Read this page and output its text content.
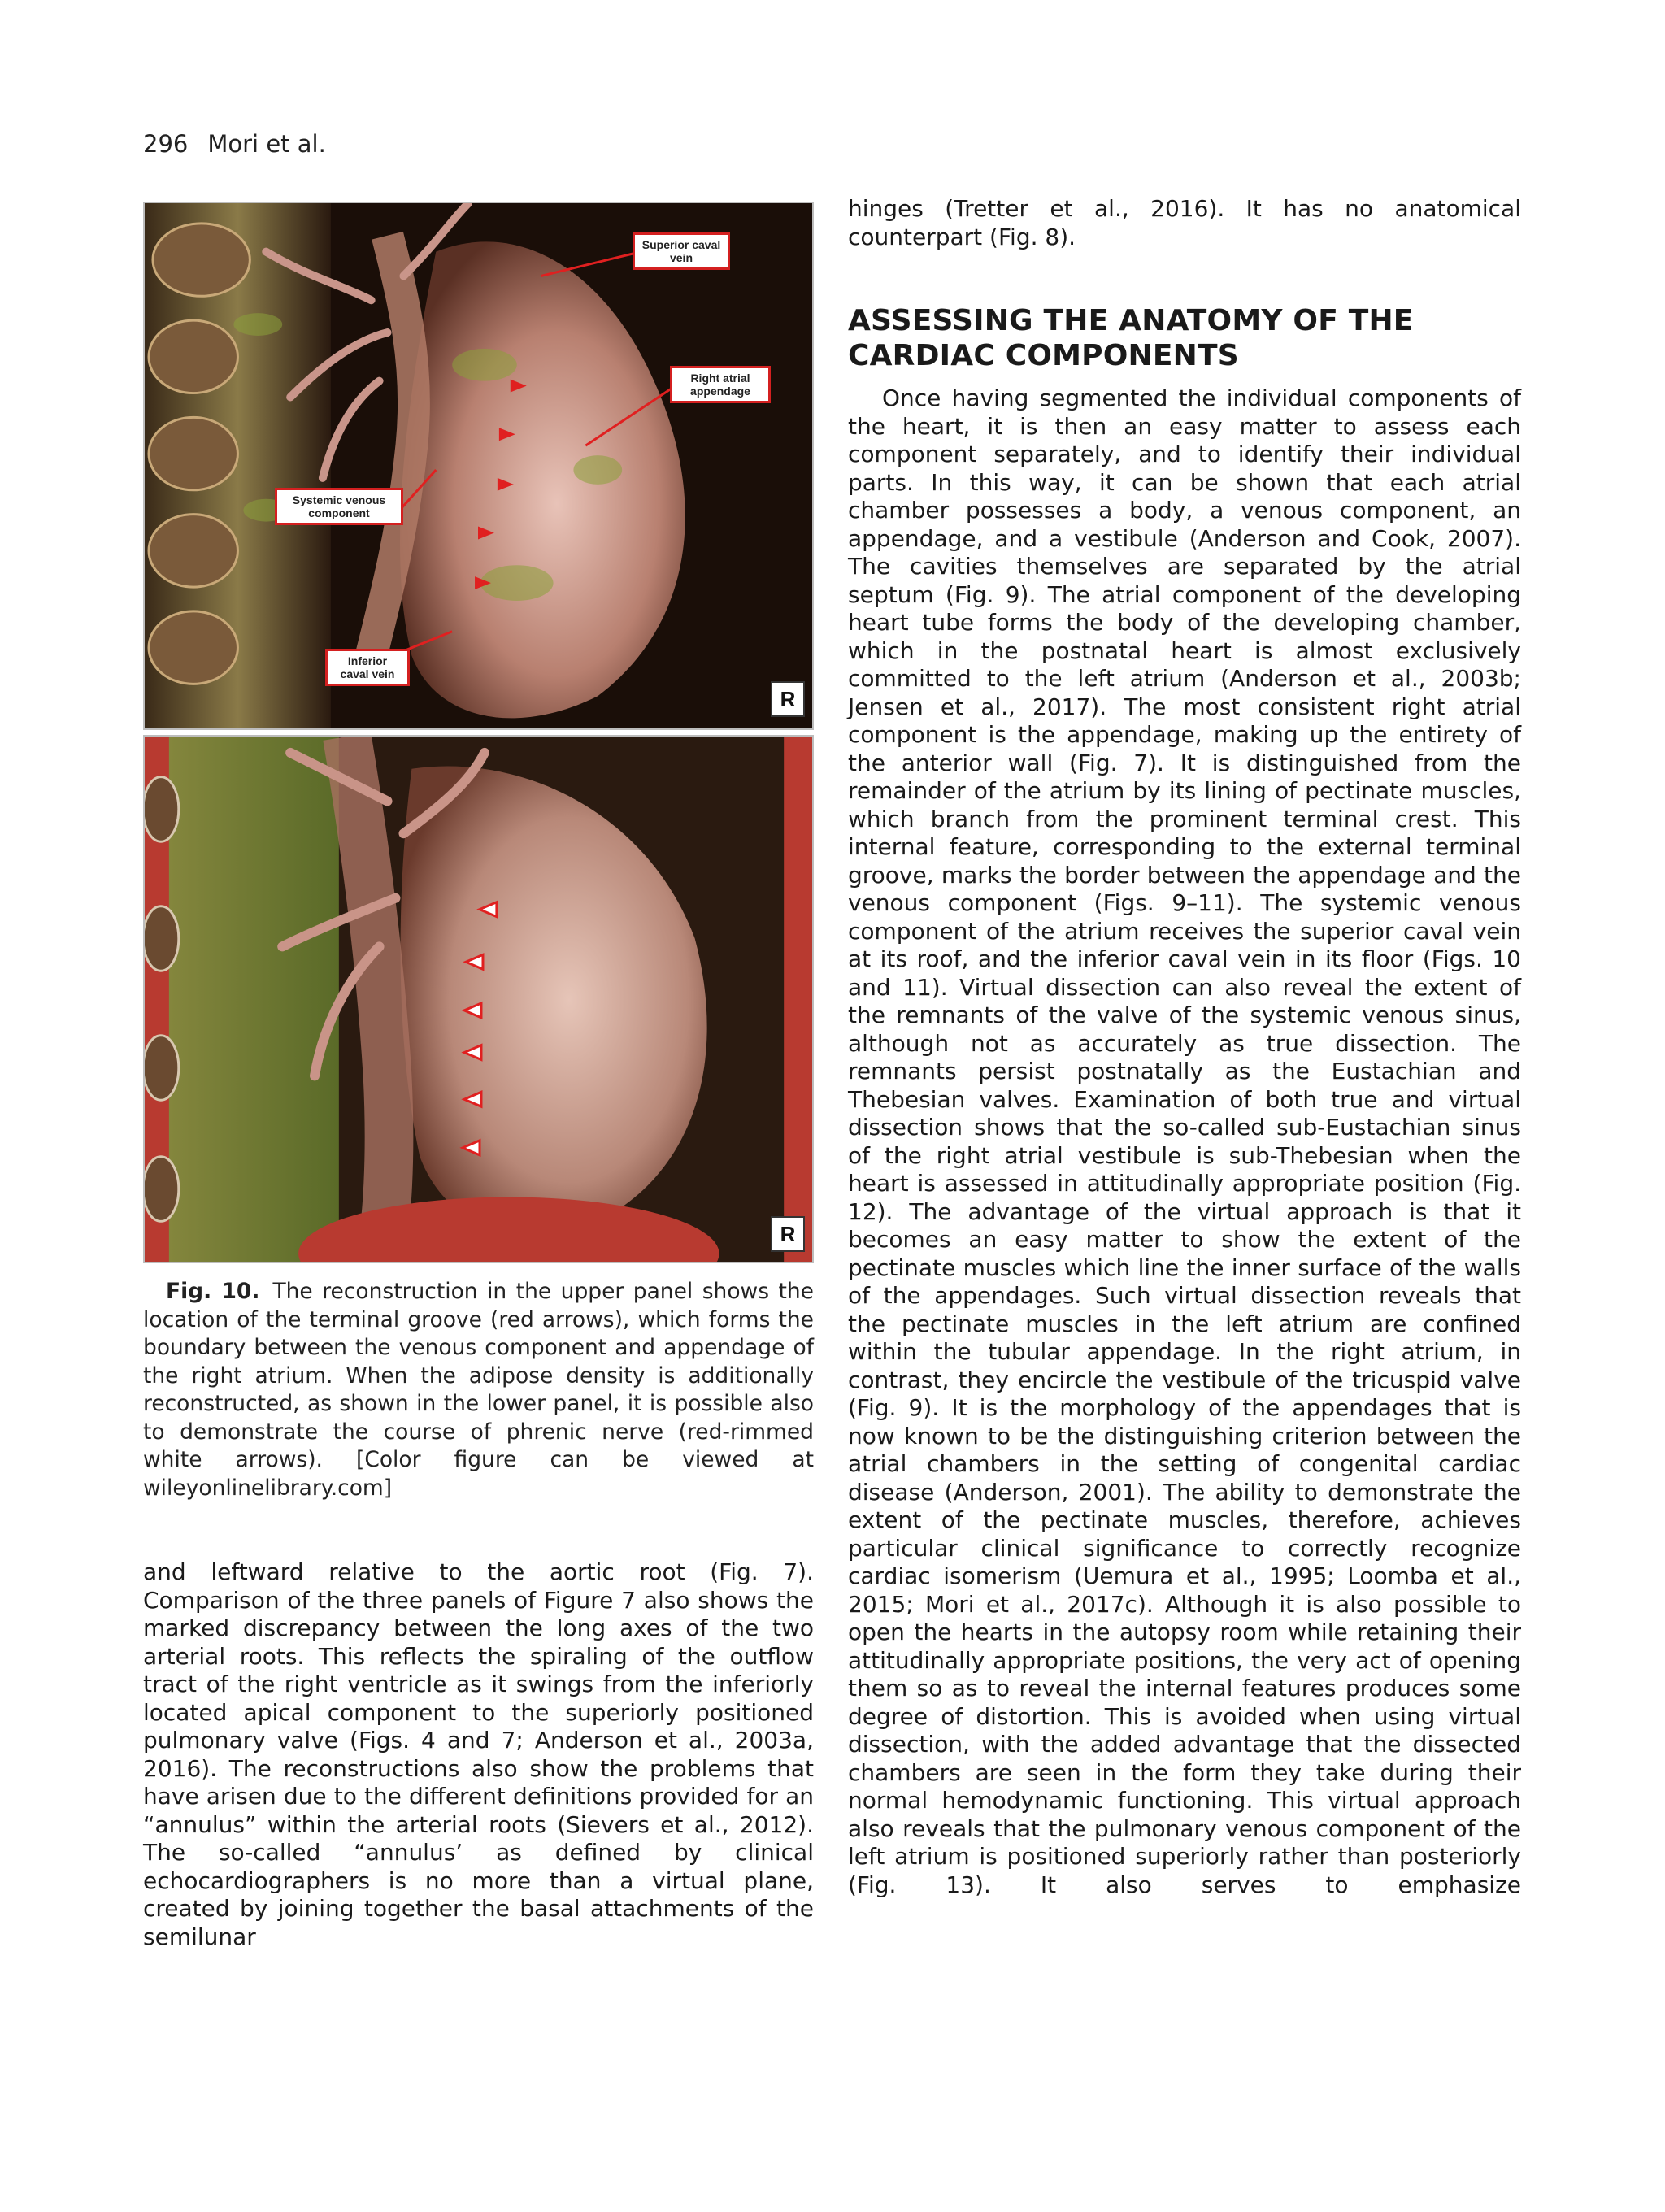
296 Mori et al.
Superior caval vein
Right atrial appendage
Systemic venous component
Inferior caval vein
R
R
Fig. 10. The reconstruction in the upper panel shows the location of the terminal groove (red arrows), which forms the boundary between the venous component and appendage of the right atrium. When the adipose density is additionally reconstructed, as shown in the lower panel, it is possible also to demonstrate the course of phrenic nerve (red-rimmed white arrows). [Color figure can be viewed at wileyonlinelibrary.com]

and leftward relative to the aortic root (Fig. 7). Comparison of the three panels of Figure 7 also shows the marked discrepancy between the long axes of the two arterial roots. This reflects the spiraling of the outflow tract of the right ventricle as it swings from the inferiorly located apical component to the superiorly positioned pulmonary valve (Figs. 4 and 7; Anderson et al., 2003a, 2016). The reconstructions also show the problems that have arisen due to the different definitions provided for an “annulus” within the arterial roots (Sievers et al., 2012). The so-called “annulus’ as defined by clinical echocardiographers is no more than a virtual plane, created by joining together the basal attachments of the semilunar

hinges (Tretter et al., 2016). It has no anatomical counterpart (Fig. 8).

ASSESSING THE ANATOMY OF THE
CARDIAC COMPONENTS

Once having segmented the individual components of the heart, it is then an easy matter to assess each component separately, and to identify their individual parts. In this way, it can be shown that each atrial chamber possesses a body, a venous component, an appendage, and a vestibule (Anderson and Cook, 2007). The cavities themselves are separated by the atrial septum (Fig. 9). The atrial component of the developing heart tube forms the body of the developing chamber, which in the postnatal heart is almost exclusively committed to the left atrium (Anderson et al., 2003b; Jensen et al., 2017). The most consistent right atrial component is the appendage, making up the entirety of the anterior wall (Fig. 7). It is distinguished from the remainder of the atrium by its lining of pectinate muscles, which branch from the prominent terminal crest. This internal feature, corresponding to the external terminal groove, marks the border between the appendage and the venous component (Figs. 9–11). The systemic venous component of the atrium receives the superior caval vein at its roof, and the inferior caval vein in its floor (Figs. 10 and 11). Virtual dissection can also reveal the extent of the remnants of the valve of the systemic venous sinus, although not as accurately as true dissection. The remnants persist postnatally as the Eustachian and Thebesian valves. Examination of both true and virtual dissection shows that the so-called sub-Eustachian sinus of the right atrial vestibule is sub-Thebesian when the heart is assessed in attitudinally appropriate position (Fig. 12). The advantage of the virtual approach is that it becomes an easy matter to show the extent of the pectinate muscles which line the inner surface of the walls of the appendages. Such virtual dissection reveals that the pectinate muscles in the left atrium are confined within the tubular appendage. In the right atrium, in contrast, they encircle the vestibule of the tricuspid valve (Fig. 9). It is the morphology of the appendages that is now known to be the distinguishing criterion between the atrial chambers in the setting of congenital cardiac disease (Anderson, 2001). The ability to demonstrate the extent of the pectinate muscles, therefore, achieves particular clinical significance to correctly recognize cardiac isomerism (Uemura et al., 1995; Loomba et al., 2015; Mori et al., 2017c). Although it is also possible to open the hearts in the autopsy room while retaining their attitudinally appropriate positions, the very act of opening them so as to reveal the internal features produces some degree of distortion. This is avoided when using virtual dissection, with the added advantage that the dissected chambers are seen in the form they take during their normal hemodynamic functioning. This virtual approach also reveals that the pulmonary venous component of the left atrium is positioned superiorly rather than posteriorly (Fig. 13). It also serves to emphasize
